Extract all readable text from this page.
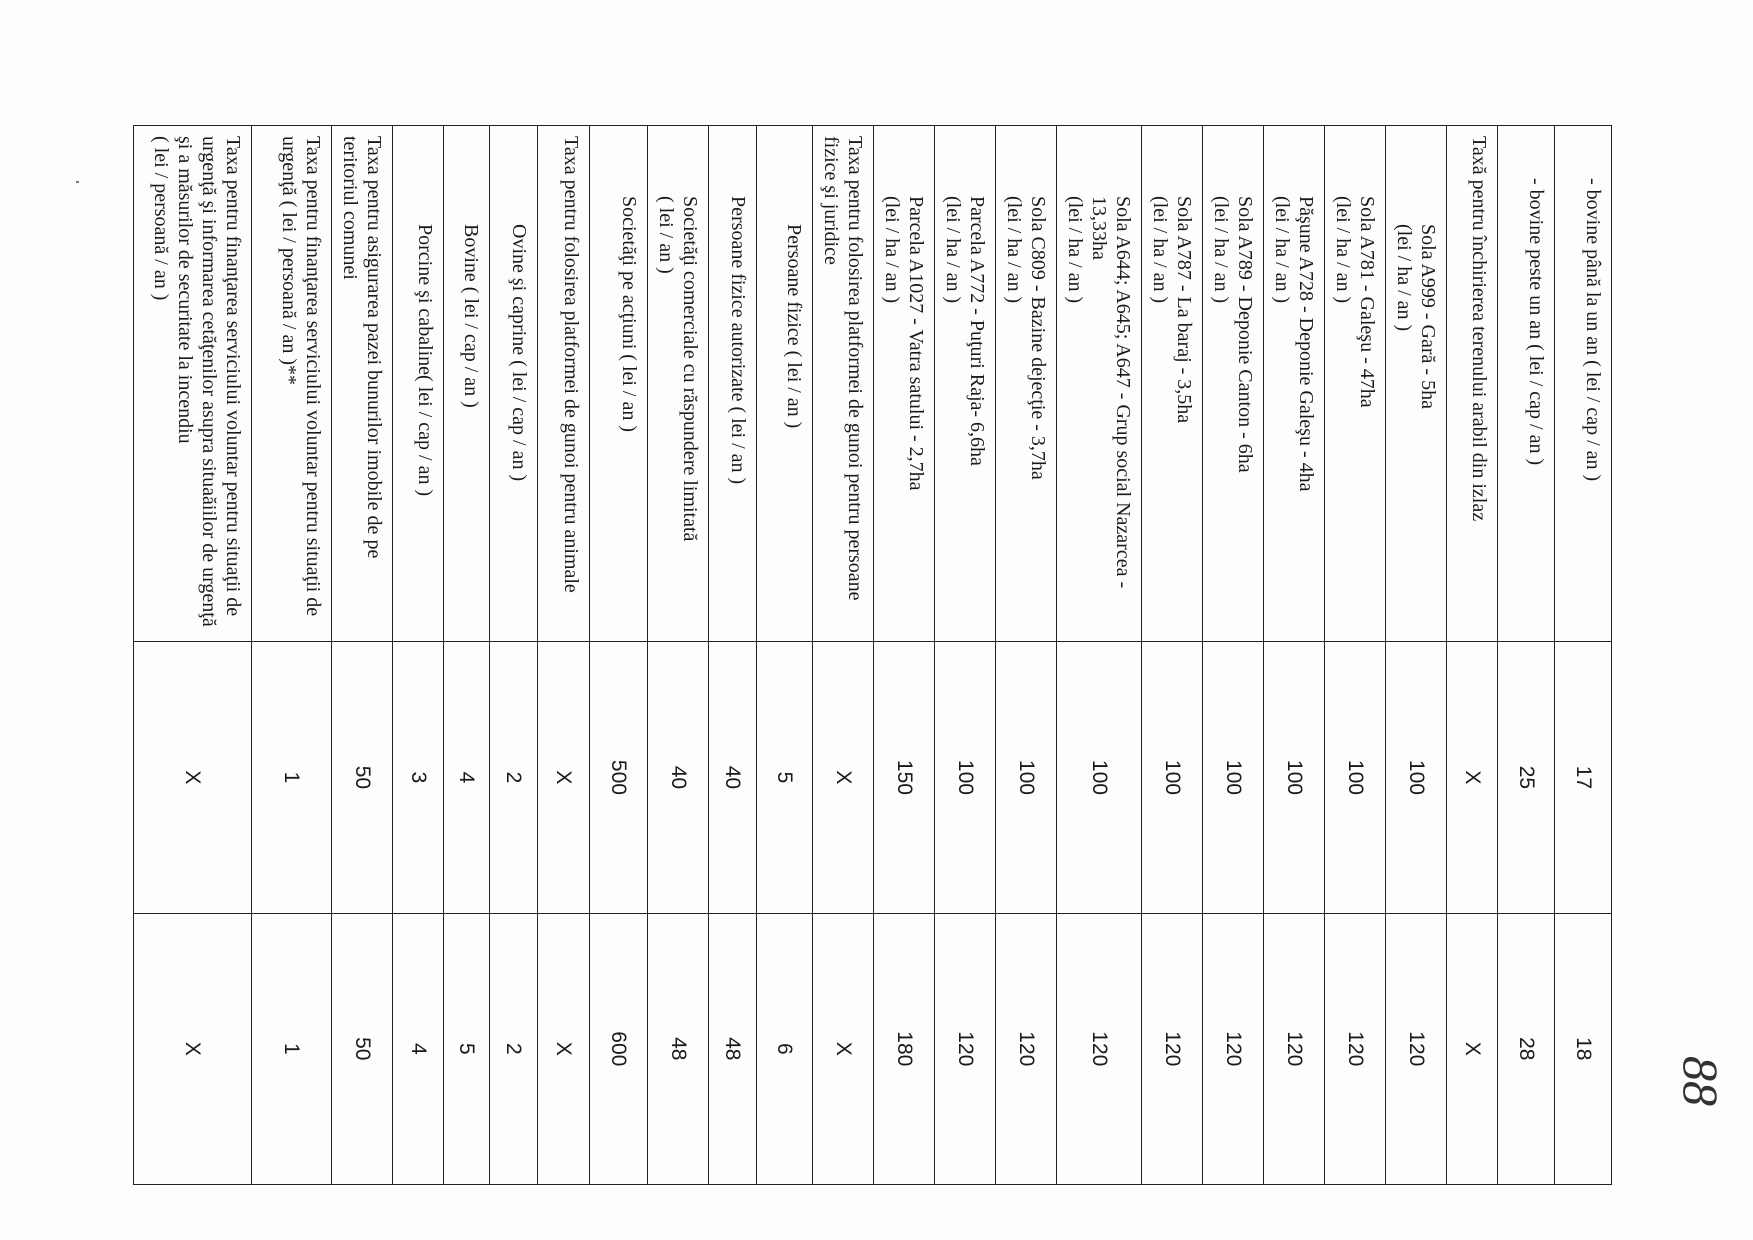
88
- bovine până la un an ( lei / cap / an )	17	18
- bovine peste un an ( lei / cap / an )	25	28
Taxă pentru închirierea terenului arabil din izlaz	X	X
Sola A999 - Gară - 5ha
(lei / ha / an )	100	120
Sola A781 - Galeşu - 47ha
(lei / ha / an )	100	120
Păşune A728 - Deponie Galeşu - 4ha
(lei / ha / an )	100	120
Sola A789 - Deponie Canton - 6ha
(lei / ha / an )	100	120
Sola A787 - La baraj - 3,5ha
(lei / ha / an )	100	120
Sola A644; A645; A647 - Grup social Nazarcea - 13,33ha
(lei / ha / an )	100	120
Sola C809 - Bazine dejecţie - 3,7ha
(lei / ha / an )	100	120
Parcela A772 - Puţuri Raja- 6,6ha
(lei / ha / an )	100	120
Parcela A1027 - Vatra satului - 2,7ha
(lei / ha / an )	150	180
Taxa pentru folosirea platformei de gunoi pentru persoane fizice şi juridice	X	X
Persoane fizice ( lei / an )	5	6
Persoane fizice autorizate ( lei / an )	40	48
Societăţi comerciale cu răspundere limitată
( lei / an )	40	48
Societăţi pe acţiuni ( lei / an )	500	600
Taxa pentru folosirea platformei de gunoi pentru animale	X	X
Ovine şi caprine ( lei / cap / an )	2	2
Bovine ( lei / cap / an )	4	5
Porcine şi cabaline( lei / cap / an )	3	4
Taxa pentru asigurarea pazei bunurilor imobile de pe teritoriul comunei	50	50
Taxa pentru finanţarea serviciului voluntar pentru situaţii de urgenţă ( lei / persoană / an )**	1	1
Taxa pentru finanţarea serviciului voluntar pentru situaţii de urgenţă şi informarea cetăţenilor asupra situaăiilor de urgenţă şi a măsurilor de securitate la incendiu
( lei / persoană / an )	X	X
